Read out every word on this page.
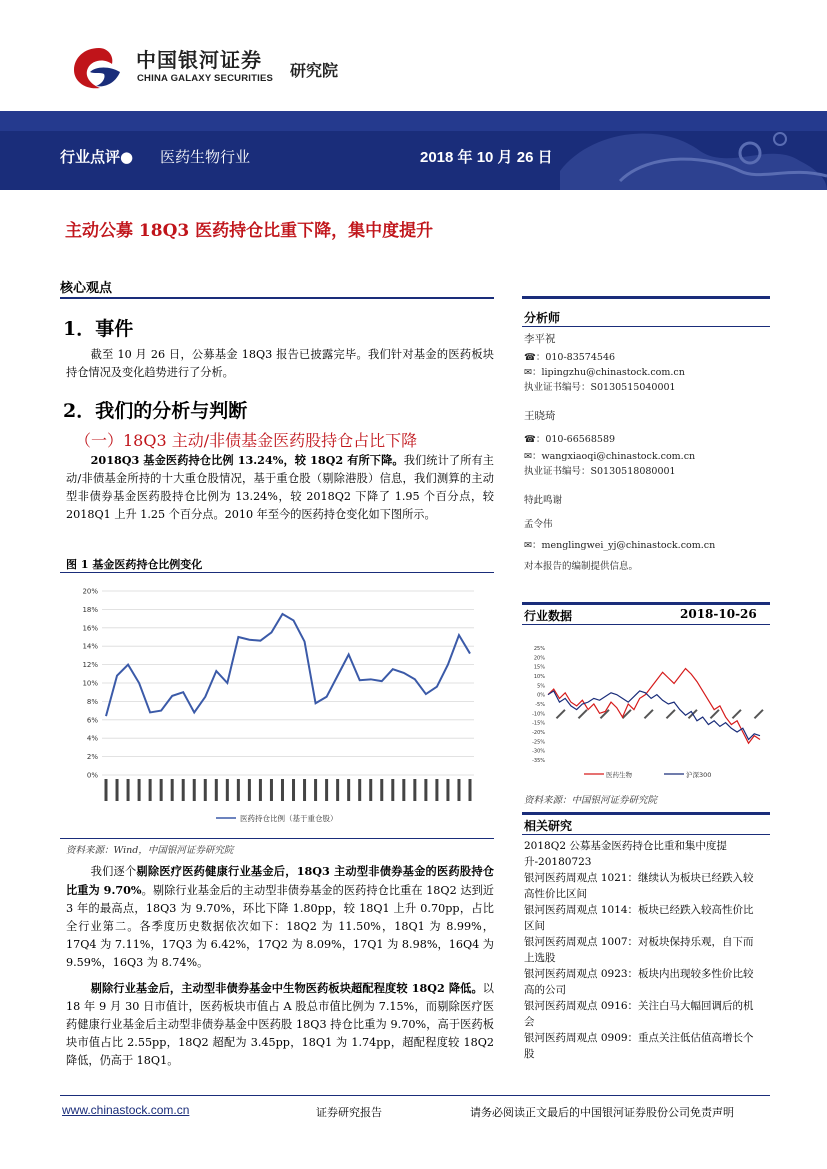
中国银河证券
CHINA GALAXY SECURITIES 研究院
行业点评● 医药生物行业	2018 年 10 月 26 日
主动公募 18Q3 医药持仓比重下降，集中度提升
核心观点
1．事件
截至 10 月 26 日，公募基金 18Q3 报告已披露完毕。我们针对基金的医药板块持仓情况及变化趋势进行了分析。
2．我们的分析与判断
（一）18Q3 主动/非债基金医药股持仓占比下降
2018Q3 基金医药持仓比例 13.24%，较 18Q2 有所下降。我们统计了所有主动/非债基金所持的十大重仓股情况，基于重仓股（剔除港股）信息，我们测算的主动型非债券基金医药股持仓比例为 13.24%，较 2018Q2 下降了 1.95 个百分点，较 2018Q1 上升 1.25 个百分点。2010 年至今的医药持仓变化如下图所示。
图 1 基金医药持仓比例变化
0%
2%
4%
6%
8%
10%
12%
14%
16%
18%
20%
医药持仓比例（基于重仓股）
资料来源：Wind，中国银河证券研究院
我们逐个剔除医疗医药健康行业基金后，18Q3 主动型非债券基金的医药股持仓比重为 9.70%。剔除行业基金后的主动型非债券基金的医药持仓比重在 18Q2 达到近 3 年的最高点，18Q3 为 9.70%，环比下降 1.80pp，较 18Q1 上升 0.70pp，占比全行业第二。各季度历史数据依次如下：18Q2 为 11.50%，18Q1 为 8.99%，17Q4 为 7.11%，17Q3 为 6.42%，17Q2 为 8.09%，17Q1 为 8.98%，16Q4 为 9.59%，16Q3 为 8.74%。
剔除行业基金后，主动型非债券基金中生物医药板块超配程度较 18Q2 降低。以 18 年 9 月 30 日市值计，医药板块市值占 A 股总市值比例为 7.15%，而剔除医疗医药健康行业基金后主动型非债券基金中医药股 18Q3 持仓比重为 9.70%，高于医药板块市值占比 2.55pp，18Q2 超配为 3.45pp，18Q1 为 1.74pp，超配程度较 18Q2 降低，仍高于 18Q1。
分析师
李平祝
☎：010-83574546
✉：lipingzhu@chinastock.com.cn
执业证书编号：S0130515040001
王晓琦
☎：010-66568589
✉：wangxiaoqi@chinastock.com.cn
执业证书编号：S0130518080001
特此鸣谢
孟令伟
✉：menglingwei_yj@chinastock.com.cn
对本报告的编制提供信息。
行业数据	2018-10-26
25%
20%
15%
10%
5%
0%
-5%
-10%
-15%
-20%
-25%
-30%
-35%
医药生物	沪深300
资料来源：中国银河证券研究院
相关研究
2018Q2 公募基金医药持仓比重和集中度提升-20180723
银河医药周观点 1021：继续认为板块已经跌入较高性价比区间
银河医药周观点 1014：板块已经跌入较高性价比区间
银河医药周观点 1007：对板块保持乐观，自下而上选股
银河医药周观点 0923：板块内出现较多性价比较高的公司
银河医药周观点 0916：关注白马大幅回调后的机会
银河医药周观点 0909：重点关注低估值高增长个股
www.chinastock.com.cn	证券研究报告	请务必阅读正文最后的中国银河证券股份公司免责声明
